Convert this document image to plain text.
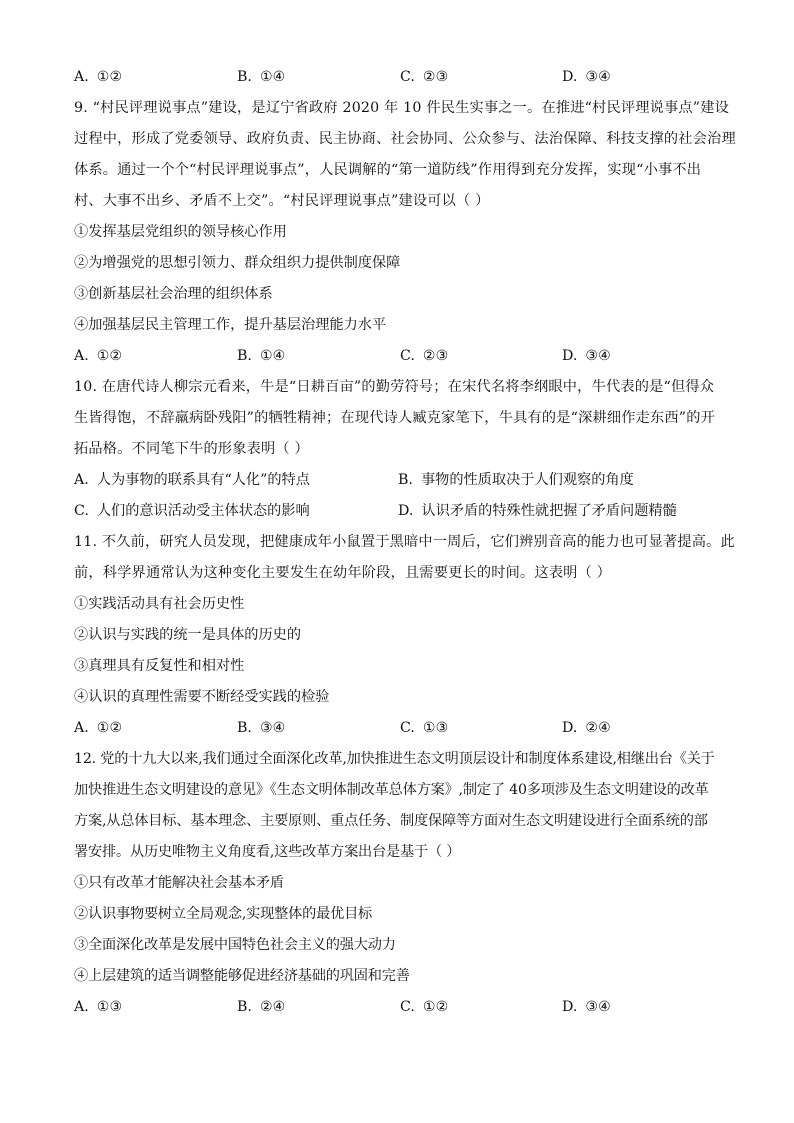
A. ①②	B. ①④	C. ②③	D. ③④
9. “村民评理说事点”建设，是辽宁省政府 2020 年 10 件民生实事之一。在推进“村民评理说事点”建设
过程中，形成了党委领导、政府负责、民主协商、社会协同、公众参与、法治保障、科技支撑的社会治理
体系。通过一个个“村民评理说事点”，人民调解的“第一道防线”作用得到充分发挥，实现“小事不出
村、大事不出乡、矛盾不上交”。“村民评理说事点”建设可以（ ）
①发挥基层党组织的领导核心作用
②为增强党的思想引领力、群众组织力提供制度保障
③创新基层社会治理的组织体系
④加强基层民主管理工作，提升基层治理能力水平
A. ①②	B. ①④	C. ②③	D. ③④
10. 在唐代诗人柳宗元看来，牛是“日耕百亩”的勤劳符号；在宋代名将李纲眼中，牛代表的是“但得众
生皆得饱，不辞羸病卧残阳”的牺牲精神；在现代诗人臧克家笔下，牛具有的是“深耕细作走东西”的开
拓品格。不同笔下牛的形象表明（ ）
A. 人为事物的联系具有“人化”的特点	B. 事物的性质取决于人们观察的角度
C. 人们的意识活动受主体状态的影响	D. 认识矛盾的特殊性就把握了矛盾问题精髓
11. 不久前，研究人员发现，把健康成年小鼠置于黑暗中一周后，它们辨别音高的能力也可显著提高。此
前，科学界通常认为这种变化主要发生在幼年阶段，且需要更长的时间。这表明（ ）
①实践活动具有社会历史性
②认识与实践的统一是具体的历史的
③真理具有反复性和相对性
④认识的真理性需要不断经受实践的检验
A. ①②	B. ③④	C. ①③	D. ②④
12. 党的十九大以来,我们通过全面深化改革,加快推进生态文明顶层设计和制度体系建设,相继出台《关于
加快推进生态文明建设的意见》《生态文明体制改革总体方案》,制定了 40多项涉及生态文明建设的改革
方案,从总体目标、基本理念、主要原则、重点任务、制度保障等方面对生态文明建设进行全面系统的部
署安排。从历史唯物主义角度看,这些改革方案出台是基于（ ）
①只有改革才能解决社会基本矛盾
②认识事物要树立全局观念,实现整体的最优目标
③全面深化改革是发展中国特色社会主义的强大动力
④上层建筑的适当调整能够促进经济基础的巩固和完善
A. ①③	B. ②④	C. ①②	D. ③④
